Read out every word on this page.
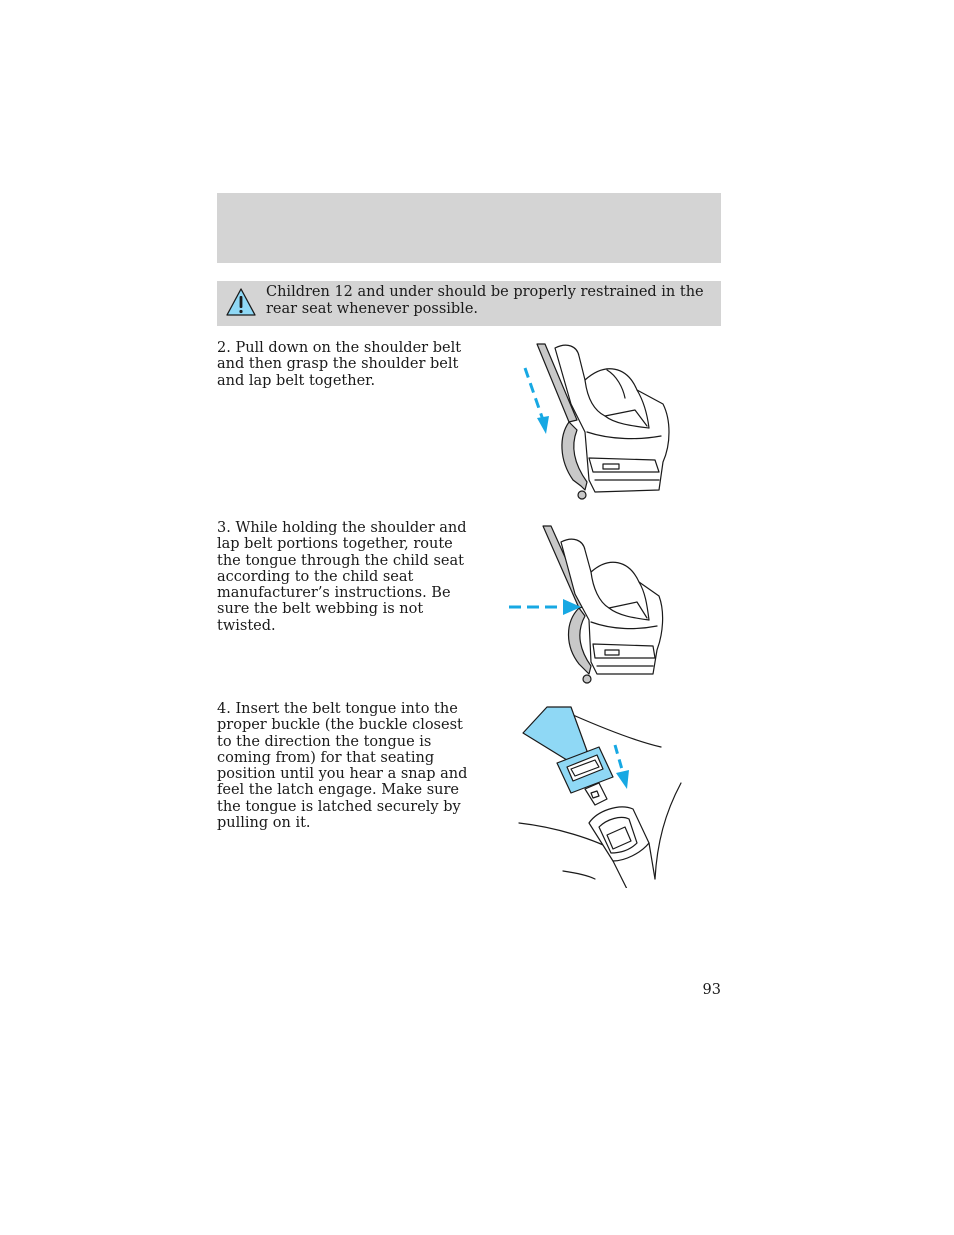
Children 12 and under should be properly restrained in the rear seat whenever possible.
2. Pull down on the shoulder belt and then grasp the shoulder belt and lap belt together.
3. While holding the shoulder and lap belt portions together, route the tongue through the child seat according to the child seat manufacturer’s instructions. Be sure the belt webbing is not twisted.
4. Insert the belt tongue into the proper buckle (the buckle closest to the direction the tongue is coming from) for that seating position until you hear a snap and feel the latch engage. Make sure the tongue is latched securely by pulling on it.
93
